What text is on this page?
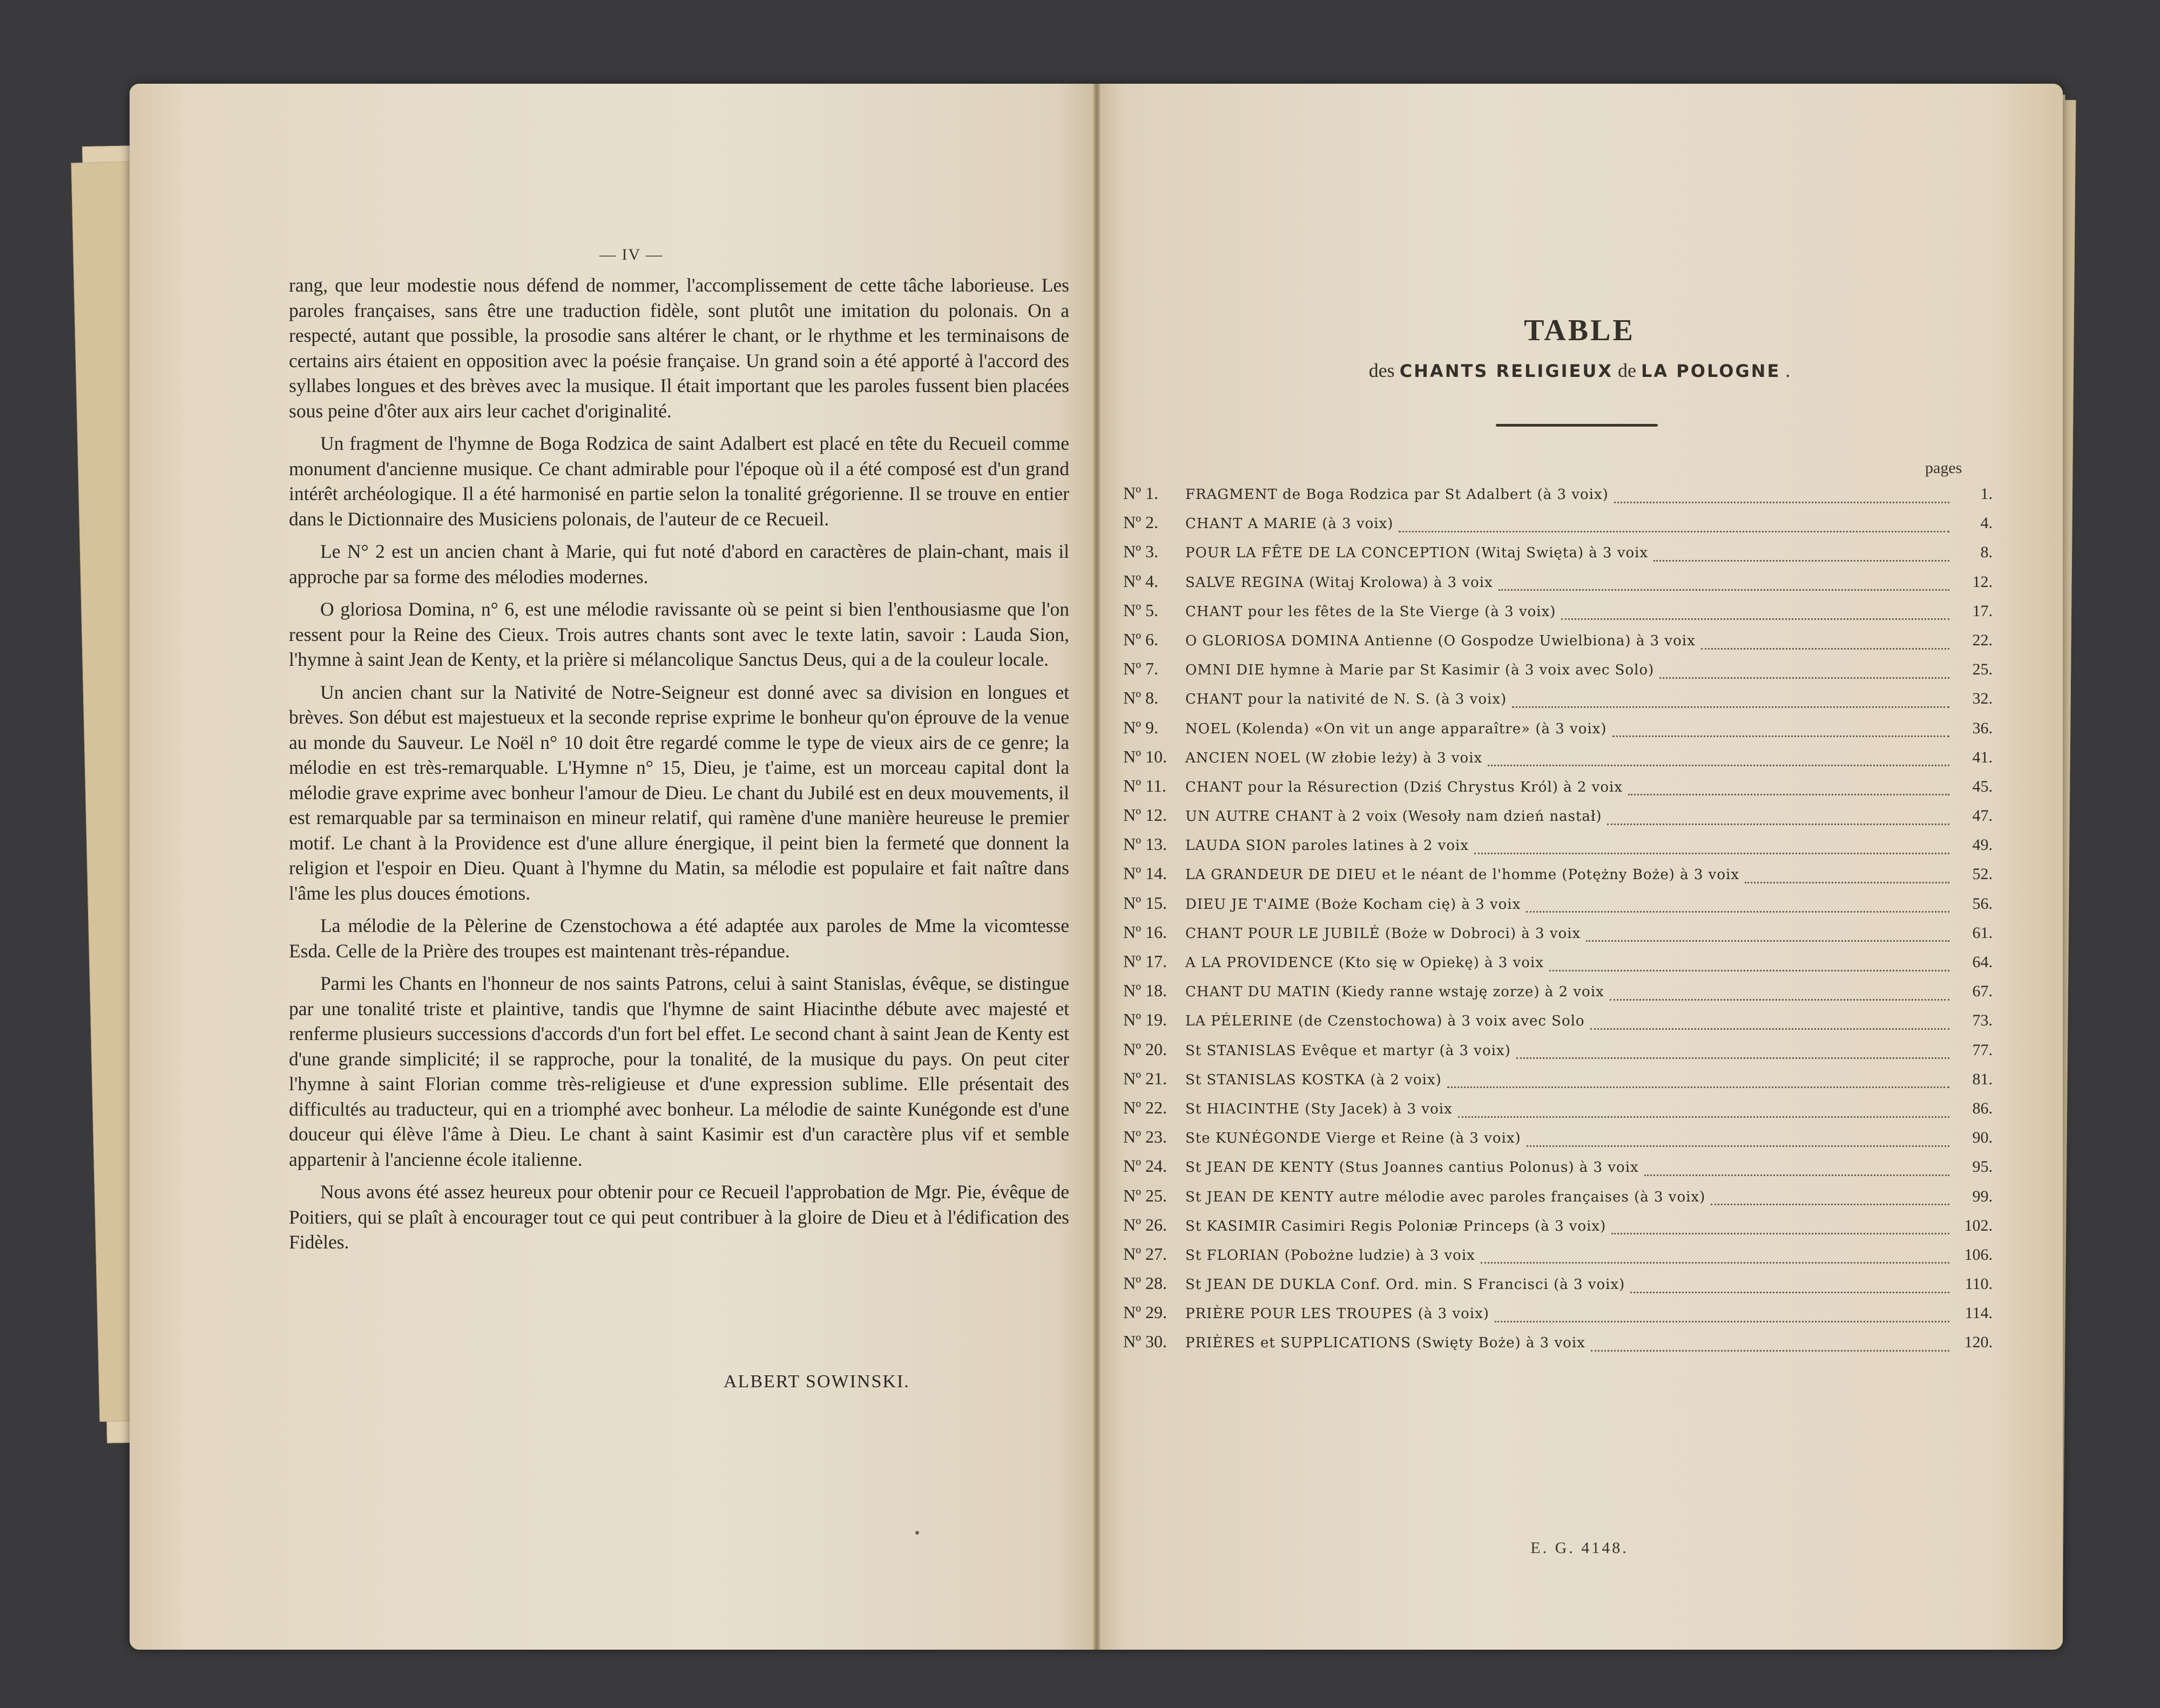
— IV —

rang, que leur modestie nous défend de nommer, l'accomplissement de cette tâche laborieuse. Les paroles françaises, sans être une traduction fidèle, sont plutôt une imitation du polonais. On a respecté, autant que possible, la prosodie sans altérer le chant, or le rhythme et les terminaisons de certains airs étaient en opposition avec la poésie française. Un grand soin a été apporté à l'accord des syllabes longues et des brèves avec la musique. Il était important que les paroles fussent bien placées sous peine d'ôter aux airs leur cachet d'originalité.

Un fragment de l'hymne de Boga Rodzica de saint Adalbert est placé en tête du Recueil comme monument d'ancienne musique. Ce chant admirable pour l'époque où il a été composé est d'un grand intérêt archéologique. Il a été harmonisé en partie selon la tonalité grégorienne. Il se trouve en entier dans le Dictionnaire des Musiciens polonais, de l'auteur de ce Recueil.

Le N° 2 est un ancien chant à Marie, qui fut noté d'abord en caractères de plain-chant, mais il approche par sa forme des mélodies modernes.

O gloriosa Domina, n° 6, est une mélodie ravissante où se peint si bien l'enthousiasme que l'on ressent pour la Reine des Cieux. Trois autres chants sont avec le texte latin, savoir : Lauda Sion, l'hymne à saint Jean de Kenty, et la prière si mélancolique Sanctus Deus, qui a de la couleur locale.

Un ancien chant sur la Nativité de Notre-Seigneur est donné avec sa division en longues et brèves. Son début est majestueux et la seconde reprise exprime le bonheur qu'on éprouve de la venue au monde du Sauveur. Le Noël n° 10 doit être regardé comme le type de vieux airs de ce genre; la mélodie en est très-remarquable. L'Hymne n° 15, Dieu, je t'aime, est un morceau capital dont la mélodie grave exprime avec bonheur l'amour de Dieu. Le chant du Jubilé est en deux mouvements, il est remarquable par sa terminaison en mineur relatif, qui ramène d'une manière heureuse le premier motif. Le chant à la Providence est d'une allure énergique, il peint bien la fermeté que donnent la religion et l'espoir en Dieu. Quant à l'hymne du Matin, sa mélodie est populaire et fait naître dans l'âme les plus douces émotions.

La mélodie de la Pèlerine de Czenstochowa a été adaptée aux paroles de Mme la vicomtesse Esda. Celle de la Prière des troupes est maintenant très-répandue.

Parmi les Chants en l'honneur de nos saints Patrons, celui à saint Stanislas, évêque, se distingue par une tonalité triste et plaintive, tandis que l'hymne de saint Hiacinthe débute avec majesté et renferme plusieurs successions d'accords d'un fort bel effet. Le second chant à saint Jean de Kenty est d'une grande simplicité; il se rapproche, pour la tonalité, de la musique du pays. On peut citer l'hymne à saint Florian comme très-religieuse et d'une expression sublime. Elle présentait des difficultés au traducteur, qui en a triomphé avec bonheur. La mélodie de sainte Kunégonde est d'une douceur qui élève l'âme à Dieu. Le chant à saint Kasimir est d'un caractère plus vif et semble appartenir à l'ancienne école italienne.

Nous avons été assez heureux pour obtenir pour ce Recueil l'approbation de Mgr. Pie, évêque de Poitiers, qui se plaît à encourager tout ce qui peut contribuer à la gloire de Dieu et à l'édification des Fidèles.

ALBERT SOWINSKI.
TABLE
des CHANTS RELIGIEUX de LA POLOGNE .
pages
Nº 1.	FRAGMENT de Boga Rodzica par St Adalbert (à 3 voix)	1.
Nº 2.	CHANT A MARIE (à 3 voix)	4.
Nº 3.	POUR LA FÊTE DE LA CONCEPTION (Witaj Swięta) à 3 voix	8.
Nº 4.	SALVE REGINA (Witaj Krolowa) à 3 voix	12.
Nº 5.	CHANT pour les fêtes de la Ste Vierge (à 3 voix)	17.
Nº 6.	O GLORIOSA DOMINA Antienne (O Gospodze Uwielbiona) à 3 voix	22.
Nº 7.	OMNI DIE hymne à Marie par St Kasimir (à 3 voix avec Solo)	25.
Nº 8.	CHANT pour la nativité de N. S. (à 3 voix)	32.
Nº 9.	NOEL (Kolenda) «On vit un ange apparaître» (à 3 voix)	36.
Nº 10.	ANCIEN NOEL (W złobie leży) à 3 voix	41.
Nº 11.	CHANT pour la Résurection (Dziś Chrystus Król) à 2 voix	45.
Nº 12.	UN AUTRE CHANT à 2 voix (Wesoły nam dzień nastał)	47.
Nº 13.	LAUDA SION paroles latines à 2 voix	49.
Nº 14.	LA GRANDEUR DE DIEU et le néant de l'homme (Potężny Boże) à 3 voix	52.
Nº 15.	DIEU JE T'AIME (Boże Kocham cię) à 3 voix	56.
Nº 16.	CHANT POUR LE JUBILÉ (Boże w Dobroci) à 3 voix	61.
Nº 17.	A LA PROVIDENCE (Kto się w Opiekę) à 3 voix	64.
Nº 18.	CHANT DU MATIN (Kiedy ranne wstaję zorze) à 2 voix	67.
Nº 19.	LA PÉLERINE (de Czenstochowa) à 3 voix avec Solo	73.
Nº 20.	St STANISLAS Evêque et martyr (à 3 voix)	77.
Nº 21.	St STANISLAS KOSTKA (à 2 voix)	81.
Nº 22.	St HIACINTHE (Sty Jacek) à 3 voix	86.
Nº 23.	Ste KUNÉGONDE Vierge et Reine (à 3 voix)	90.
Nº 24.	St JEAN DE KENTY (Stus Joannes cantius Polonus) à 3 voix	95.
Nº 25.	St JEAN DE KENTY autre mélodie avec paroles françaises (à 3 voix)	99.
Nº 26.	St KASIMIR Casimiri Regis Poloniæ Princeps (à 3 voix)	102.
Nº 27.	St FLORIAN (Pobożne ludzie) à 3 voix	106.
Nº 28.	St JEAN DE DUKLA Conf. Ord. min. S Francisci (à 3 voix)	110.
Nº 29.	PRIÈRE POUR LES TROUPES (à 3 voix)	114.
Nº 30.	PRIÈRES et SUPPLICATIONS (Swięty Boże) à 3 voix	120.
E. G. 4148.
